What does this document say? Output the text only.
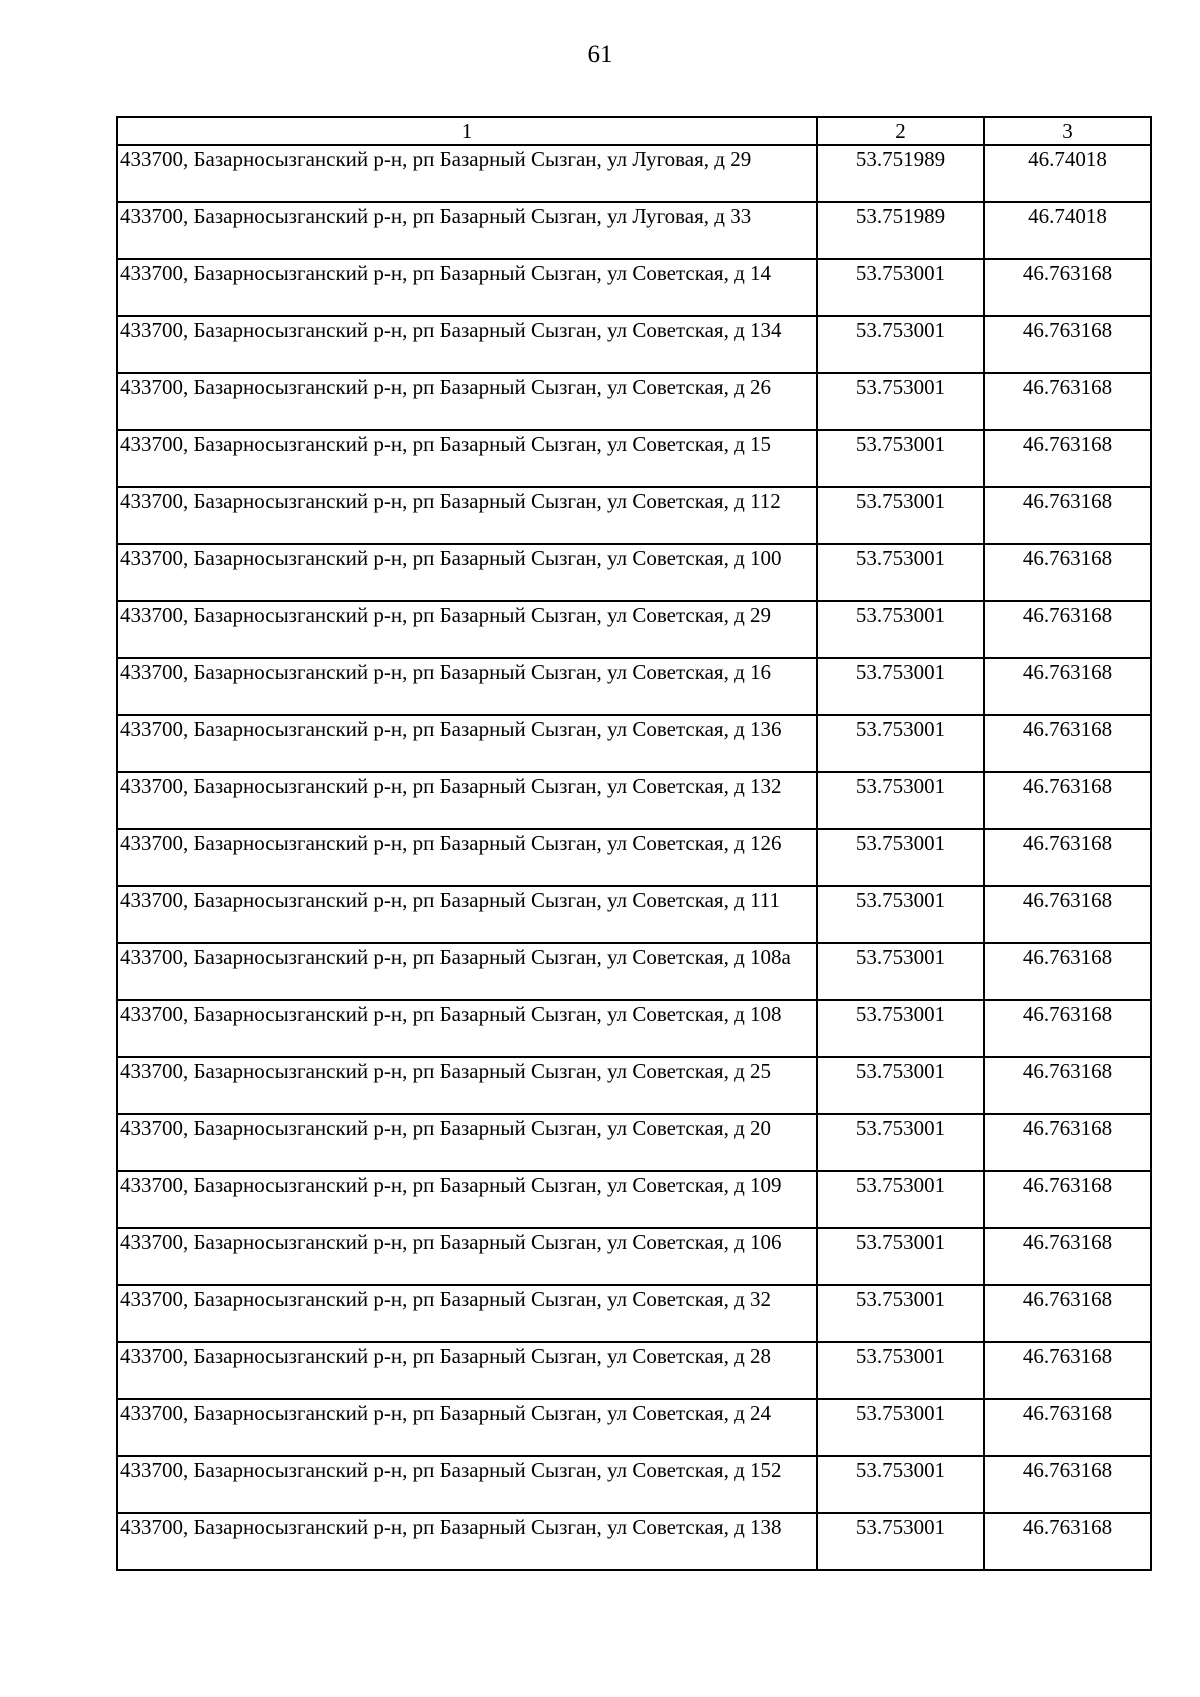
61
1	2	3
433700, Базарносызганский р-н, рп Базарный Сызган, ул Луговая, д 29	53.751989	46.74018
433700, Базарносызганский р-н, рп Базарный Сызган, ул Луговая, д 33	53.751989	46.74018
433700, Базарносызганский р-н, рп Базарный Сызган, ул Советская, д 14	53.753001	46.763168
433700, Базарносызганский р-н, рп Базарный Сызган, ул Советская, д 134	53.753001	46.763168
433700, Базарносызганский р-н, рп Базарный Сызган, ул Советская, д 26	53.753001	46.763168
433700, Базарносызганский р-н, рп Базарный Сызган, ул Советская, д 15	53.753001	46.763168
433700, Базарносызганский р-н, рп Базарный Сызган, ул Советская, д 112	53.753001	46.763168
433700, Базарносызганский р-н, рп Базарный Сызган, ул Советская, д 100	53.753001	46.763168
433700, Базарносызганский р-н, рп Базарный Сызган, ул Советская, д 29	53.753001	46.763168
433700, Базарносызганский р-н, рп Базарный Сызган, ул Советская, д 16	53.753001	46.763168
433700, Базарносызганский р-н, рп Базарный Сызган, ул Советская, д 136	53.753001	46.763168
433700, Базарносызганский р-н, рп Базарный Сызган, ул Советская, д 132	53.753001	46.763168
433700, Базарносызганский р-н, рп Базарный Сызган, ул Советская, д 126	53.753001	46.763168
433700, Базарносызганский р-н, рп Базарный Сызган, ул Советская, д 111	53.753001	46.763168
433700, Базарносызганский р-н, рп Базарный Сызган, ул Советская, д 108а	53.753001	46.763168
433700, Базарносызганский р-н, рп Базарный Сызган, ул Советская, д 108	53.753001	46.763168
433700, Базарносызганский р-н, рп Базарный Сызган, ул Советская, д 25	53.753001	46.763168
433700, Базарносызганский р-н, рп Базарный Сызган, ул Советская, д 20	53.753001	46.763168
433700, Базарносызганский р-н, рп Базарный Сызган, ул Советская, д 109	53.753001	46.763168
433700, Базарносызганский р-н, рп Базарный Сызган, ул Советская, д 106	53.753001	46.763168
433700, Базарносызганский р-н, рп Базарный Сызган, ул Советская, д 32	53.753001	46.763168
433700, Базарносызганский р-н, рп Базарный Сызган, ул Советская, д 28	53.753001	46.763168
433700, Базарносызганский р-н, рп Базарный Сызган, ул Советская, д 24	53.753001	46.763168
433700, Базарносызганский р-н, рп Базарный Сызган, ул Советская, д 152	53.753001	46.763168
433700, Базарносызганский р-н, рп Базарный Сызган, ул Советская, д 138	53.753001	46.763168
